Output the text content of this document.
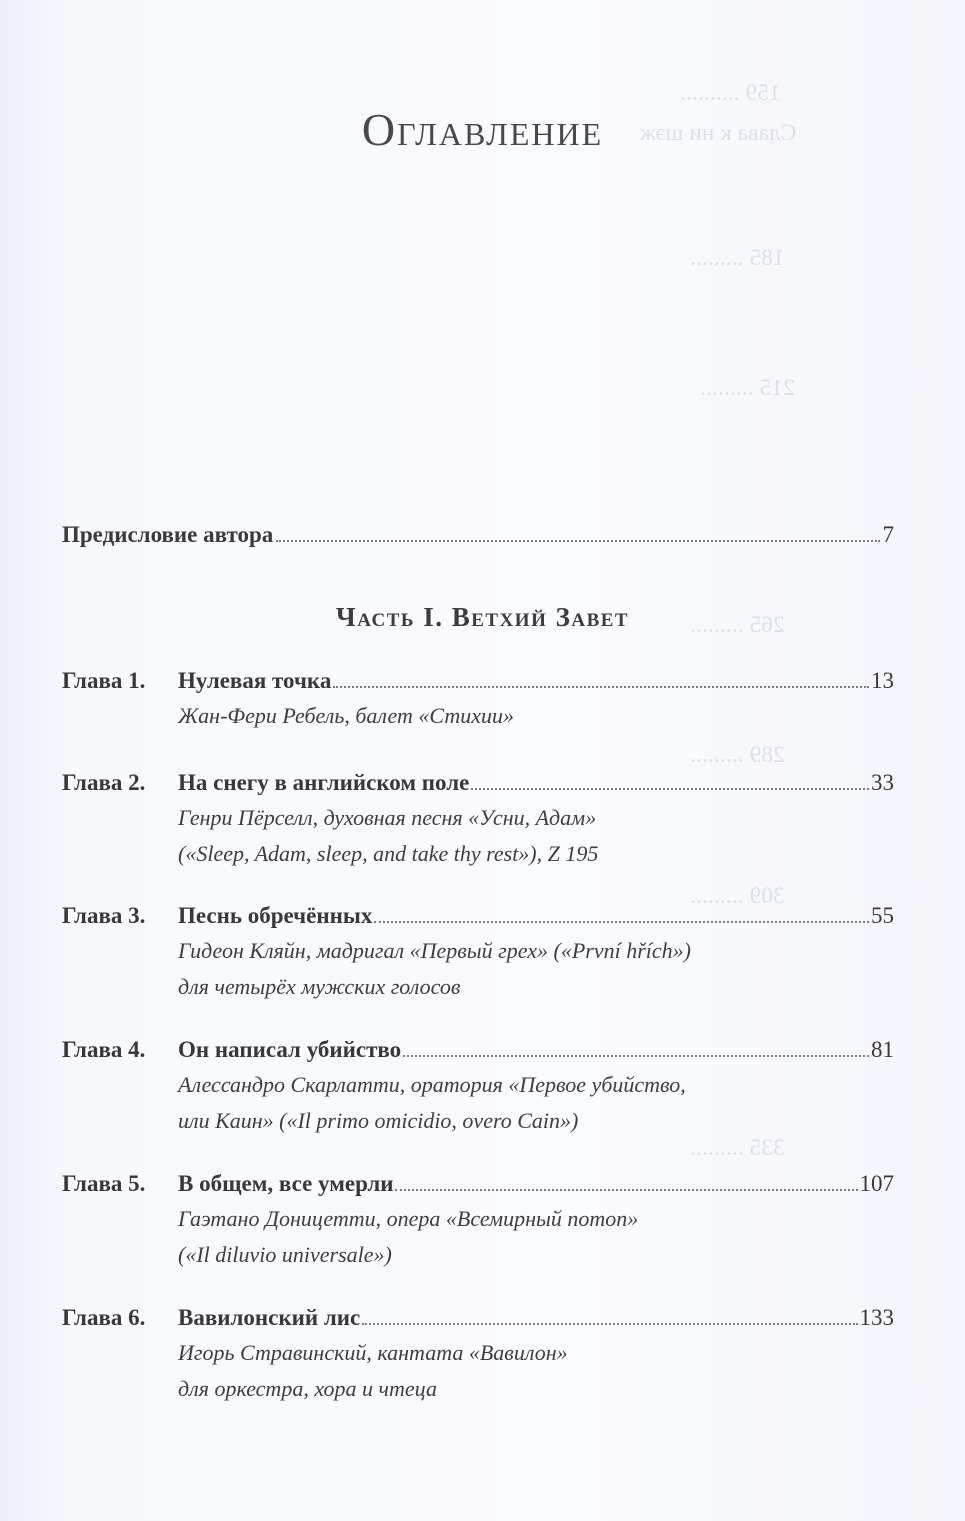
159 ..........
Слава к ни шэж
185 .........
215 .........
265 .........
289 .........
309 .........
335 .........
Оглавление
Предисловие автора	7
Часть I. Ветхий Завет
Глава 1.	Нулевая точка	13
Жан-Фери Ребель, балет «Стихии»
Глава 2.	На снегу в английском поле	33
Генри Пёрселл, духовная песня «Усни, Адам»
(«Sleep, Adam, sleep, and take thy rest»), Z 195
Глава 3.	Песнь обречённых	55
Гидеон Кляйн, мадригал «Первый грех» («První hřích»)
для четырёх мужских голосов
Глава 4.	Он написал убийство	81
Алессандро Скарлатти, оратория «Первое убийство,
или Каин» («Il primo omicidio, overo Cain»)
Глава 5.	В общем, все умерли	107
Гаэтано Доницетти, опера «Всемирный потоп»
(«Il diluvio universale»)
Глава 6.	Вавилонский лис	133
Игорь Стравинский, кантата «Вавилон»
для оркестра, хора и чтеца
